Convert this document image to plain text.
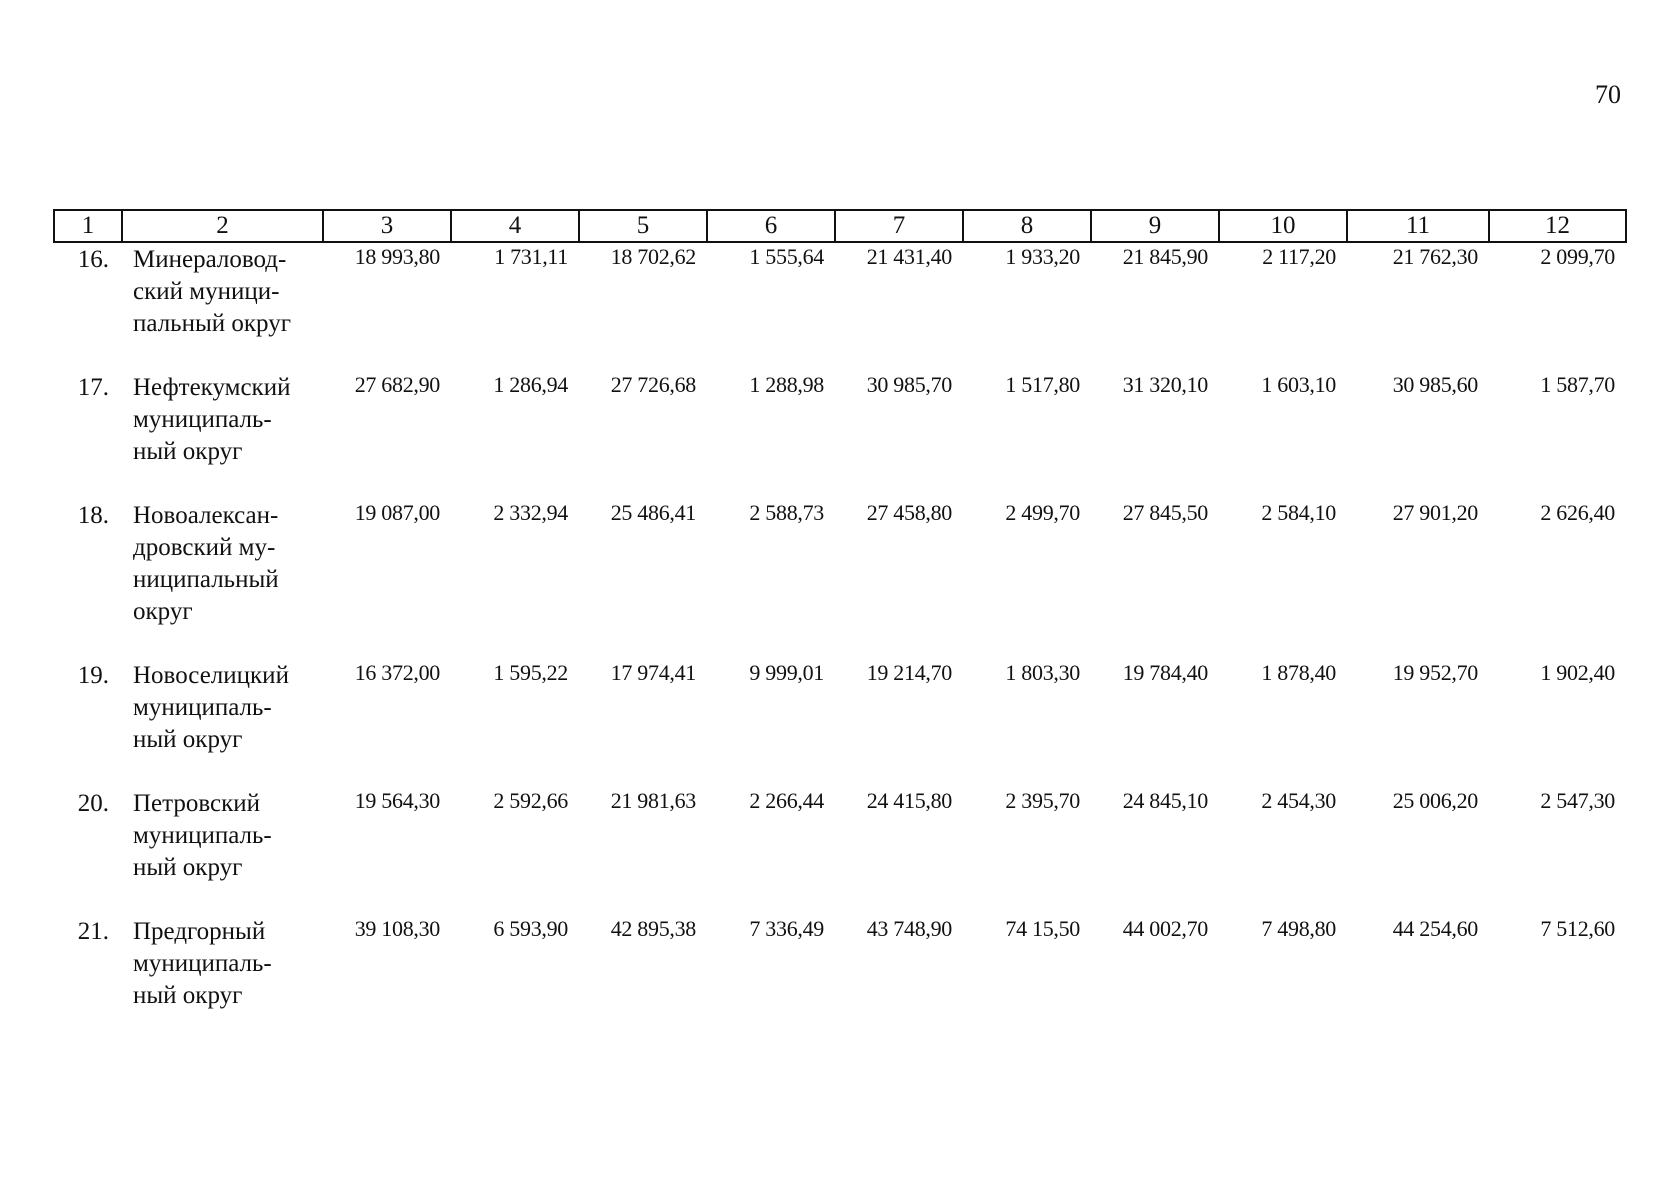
70
1	2	3	4	5	6	7	8	9	10	11	12
16.	Минераловод-
ский муници-
пальный округ	18 993,80	1 731,11	18 702,62	1 555,64	21 431,40	1 933,20	21 845,90	2 117,20	21 762,30	2 099,70
17.	Нефтекумский
муниципаль-
ный округ	27 682,90	1 286,94	27 726,68	1 288,98	30 985,70	1 517,80	31 320,10	1 603,10	30 985,60	1 587,70
18.	Новоалексан-
дровский му-
ниципальный
округ	19 087,00	2 332,94	25 486,41	2 588,73	27 458,80	2 499,70	27 845,50	2 584,10	27 901,20	2 626,40
19.	Новоселицкий
муниципаль-
ный округ	16 372,00	1 595,22	17 974,41	9 999,01	19 214,70	1 803,30	19 784,40	1 878,40	19 952,70	1 902,40
20.	Петровский
муниципаль-
ный округ	19 564,30	2 592,66	21 981,63	2 266,44	24 415,80	2 395,70	24 845,10	2 454,30	25 006,20	2 547,30
21.	Предгорный
муниципаль-
ный округ	39 108,30	6 593,90	42 895,38	7 336,49	43 748,90	74 15,50	44 002,70	7 498,80	44 254,60	7 512,60
